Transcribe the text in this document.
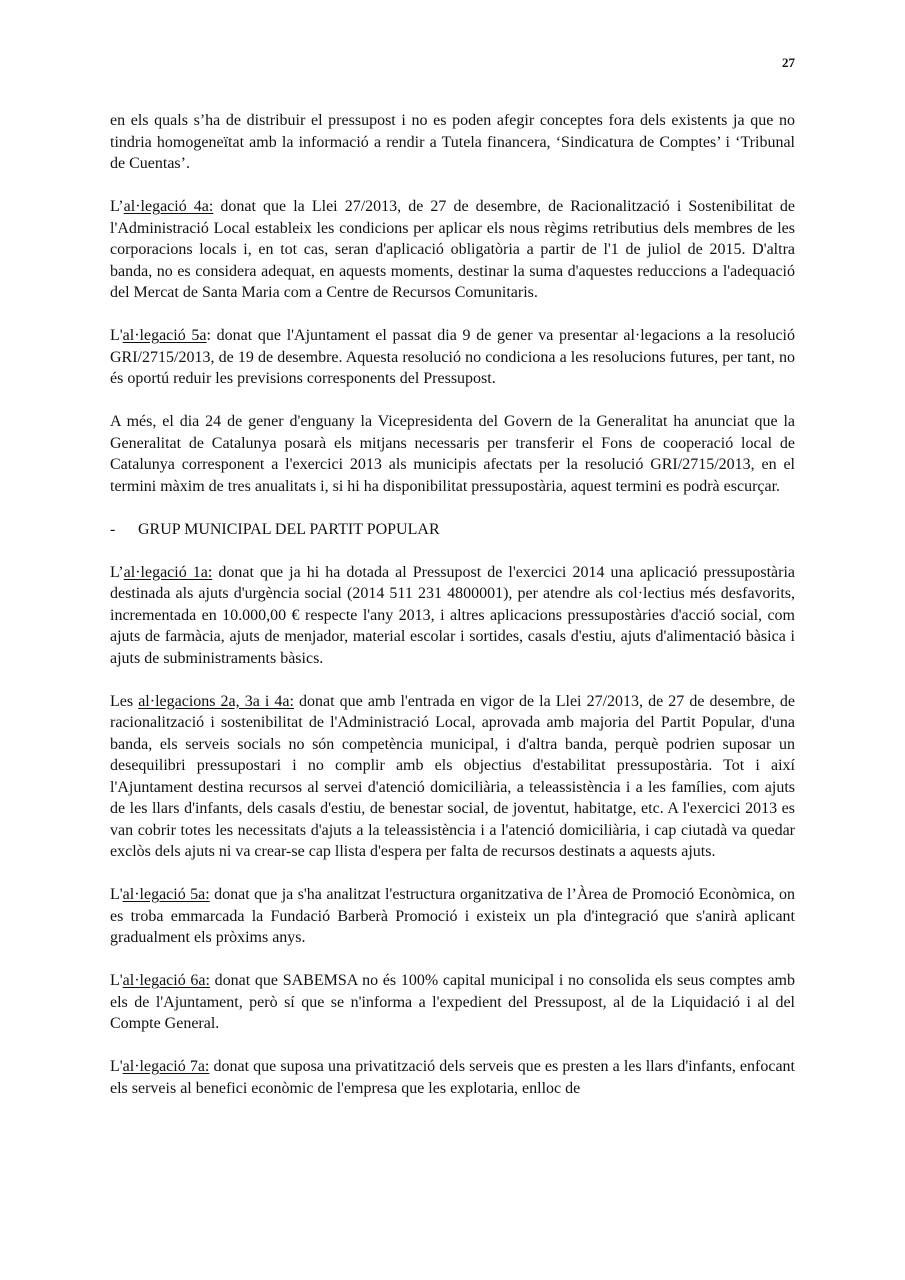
27

en els quals s’ha de distribuir el pressupost i no es poden afegir conceptes fora dels existents ja que no tindria homogeneïtat amb la informació a rendir a Tutela financera, ‘Sindicatura de Comptes’ i ‘Tribunal de Cuentas’.

L’al·legació 4a: donat que la Llei 27/2013, de 27 de desembre, de Racionalització i Sostenibilitat de l'Administració Local estableix les condicions per aplicar els nous règims retributius dels membres de les corporacions locals i, en tot cas, seran d'aplicació obligatòria a partir de l'1 de juliol de 2015. D'altra banda, no es considera adequat, en aquests moments, destinar la suma d'aquestes reduccions a l'adequació del Mercat de Santa Maria com a Centre de Recursos Comunitaris.

L'al·legació 5a: donat que l'Ajuntament el passat dia 9 de gener va presentar al·legacions a la resolució GRI/2715/2013, de 19 de desembre. Aquesta resolució no condiciona a les resolucions futures, per tant, no és oportú reduir les previsions corresponents del Pressupost.

A més, el dia 24 de gener d'enguany la Vicepresidenta del Govern de la Generalitat ha anunciat que la Generalitat de Catalunya posarà els mitjans necessaris per transferir el Fons de cooperació local de Catalunya corresponent a l'exercici 2013 als municipis afectats per la resolució GRI/2715/2013, en el termini màxim de tres anualitats i, si hi ha disponibilitat pressupostària, aquest termini es podrà escurçar.

- GRUP MUNICIPAL DEL PARTIT POPULAR

L’al·legació 1a: donat que ja hi ha dotada al Pressupost de l'exercici 2014 una aplicació pressupostària destinada als ajuts d'urgència social (2014 511 231 4800001), per atendre als col·lectius més desfavorits, incrementada en 10.000,00 € respecte l'any 2013, i altres aplicacions pressupostàries d'acció social, com ajuts de farmàcia, ajuts de menjador, material escolar i sortides, casals d'estiu, ajuts d'alimentació bàsica i ajuts de subministraments bàsics.

Les al·legacions 2a, 3a i 4a: donat que amb l'entrada en vigor de la Llei 27/2013, de 27 de desembre, de racionalització i sostenibilitat de l'Administració Local, aprovada amb majoria del Partit Popular, d'una banda, els serveis socials no són competència municipal, i d'altra banda, perquè podrien suposar un desequilibri pressupostari i no complir amb els objectius d'estabilitat pressupostària. Tot i així l'Ajuntament destina recursos al servei d'atenció domiciliària, a teleassistència i a les famílies, com ajuts de les llars d'infants, dels casals d'estiu, de benestar social, de joventut, habitatge, etc. A l'exercici 2013 es van cobrir totes les necessitats d'ajuts a la teleassistència i a l'atenció domiciliària, i cap ciutadà va quedar exclòs dels ajuts ni va crear-se cap llista d'espera per falta de recursos destinats a aquests ajuts.

L'al·legació 5a: donat que ja s'ha analitzat l'estructura organitzativa de l’Àrea de Promoció Econòmica, on es troba emmarcada la Fundació Barberà Promoció i existeix un pla d'integració que s'anirà aplicant gradualment els pròxims anys.

L'al·legació 6a: donat que SABEMSA no és 100% capital municipal i no consolida els seus comptes amb els de l'Ajuntament, però sí que se n'informa a l'expedient del Pressupost, al de la Liquidació i al del Compte General.

L'al·legació 7a: donat que suposa una privatització dels serveis que es presten a les llars d'infants, enfocant els serveis al benefici econòmic de l'empresa que les explotaria, enlloc de
